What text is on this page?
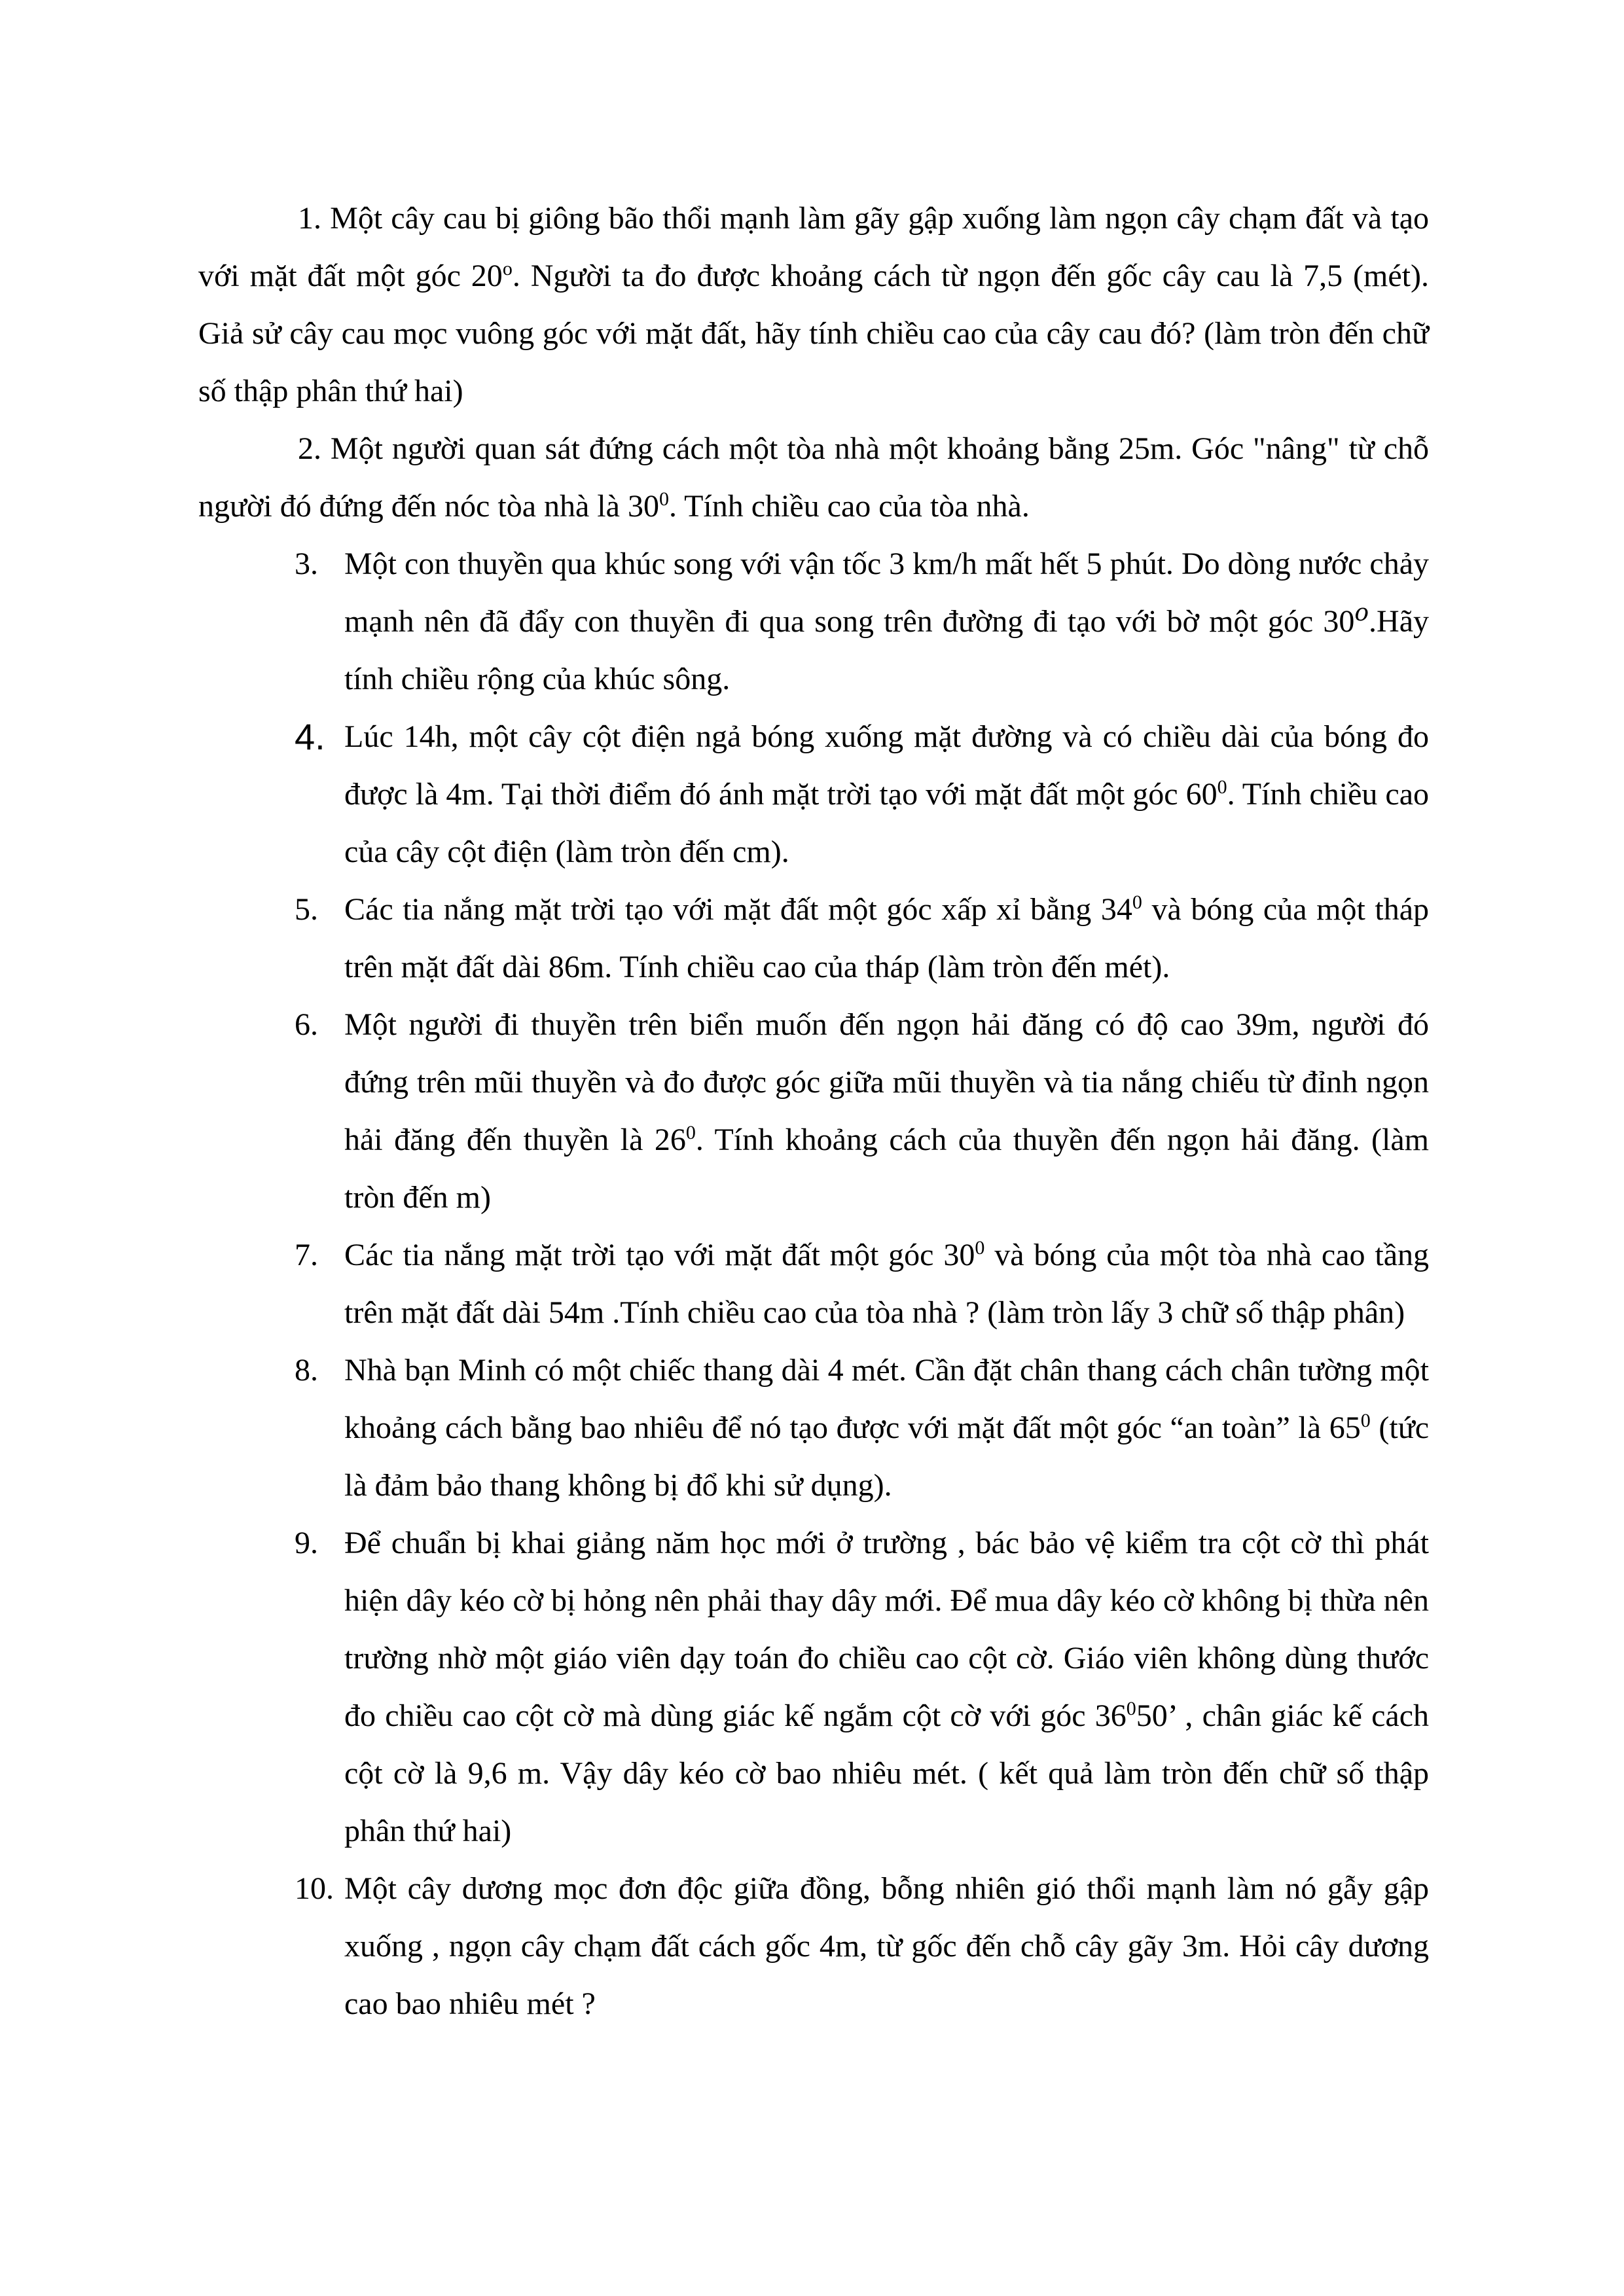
1. Một cây cau bị giông bão thổi mạnh làm gãy gập xuống làm ngọn cây chạm đất và tạo với mặt đất một góc 20$^o$. Người ta đo được khoảng cách từ ngọn đến gốc cây cau là 7,5 (mét). Giả sử cây cau mọc vuông góc với mặt đất, hãy tính chiều cao của cây cau đó? (làm tròn đến chữ số thập phân thứ hai)

2. Một người quan sát đứng cách một tòa nhà một khoảng bằng 25m. Góc "nâng" từ chỗ người đó đứng đến nóc tòa nhà là $30^0$. Tính chiều cao của tòa nhà.

3. Một con thuyền qua khúc song với vận tốc 3 km/h mất hết 5 phút. Do dòng nước chảy mạnh nên đã đẩy con thuyền đi qua song trên đường đi tạo với bờ một góc 30$^o$.Hãy tính chiều rộng của khúc sông.

4. Lúc 14h, một cây cột điện ngả bóng xuống mặt đường và có chiều dài của bóng đo được là 4m. Tại thời điểm đó ánh mặt trời tạo với mặt đất một góc $60^0$. Tính chiều cao của cây cột điện (làm tròn đến cm).

5. Các tia nắng mặt trời tạo với mặt đất một góc xấp xỉ bằng $34^0$ và bóng của một tháp trên mặt đất dài 86m. Tính chiều cao của tháp (làm tròn đến mét).

6. Một người đi thuyền trên biển muốn đến ngọn hải đăng có độ cao 39m, người đó đứng trên mũi thuyền và đo được góc giữa mũi thuyền và tia nắng chiếu từ đỉnh ngọn hải đăng đến thuyền là $26^0$. Tính khoảng cách của thuyền đến ngọn hải đăng. (làm tròn đến m)

7. Các tia nắng mặt trời tạo với mặt đất một góc $30^0$ và bóng của một tòa nhà cao tầng trên mặt đất dài 54m .Tính chiều cao của tòa nhà ? (làm tròn lấy 3 chữ số thập phân)

8. Nhà bạn Minh có một chiếc thang dài 4 mét. Cần đặt chân thang cách chân tường một khoảng cách bằng bao nhiêu để nó tạo được với mặt đất một góc “an toàn” là $65^0$ (tức là đảm bảo thang không bị đổ khi sử dụng).

9. Để chuẩn bị khai giảng năm học mới ở trường , bác bảo vệ kiểm tra cột cờ thì phát hiện dây kéo cờ bị hỏng nên phải thay dây mới. Để mua dây kéo cờ không bị thừa nên trường nhờ một giáo viên dạy toán đo chiều cao cột cờ. Giáo viên không dùng thước đo chiều cao cột cờ mà dùng giác kế ngắm cột cờ với góc $36^050$’ , chân giác kế cách cột cờ là 9,6 m. Vậy dây kéo cờ bao nhiêu mét. ( kết quả làm tròn đến chữ số thập phân thứ hai)

10. Một cây dương mọc đơn độc giữa đồng, bỗng nhiên gió thổi mạnh làm nó gẫy gập xuống , ngọn cây chạm đất cách gốc 4m, từ gốc đến chỗ cây gãy 3m. Hỏi cây dương cao bao nhiêu mét ?
